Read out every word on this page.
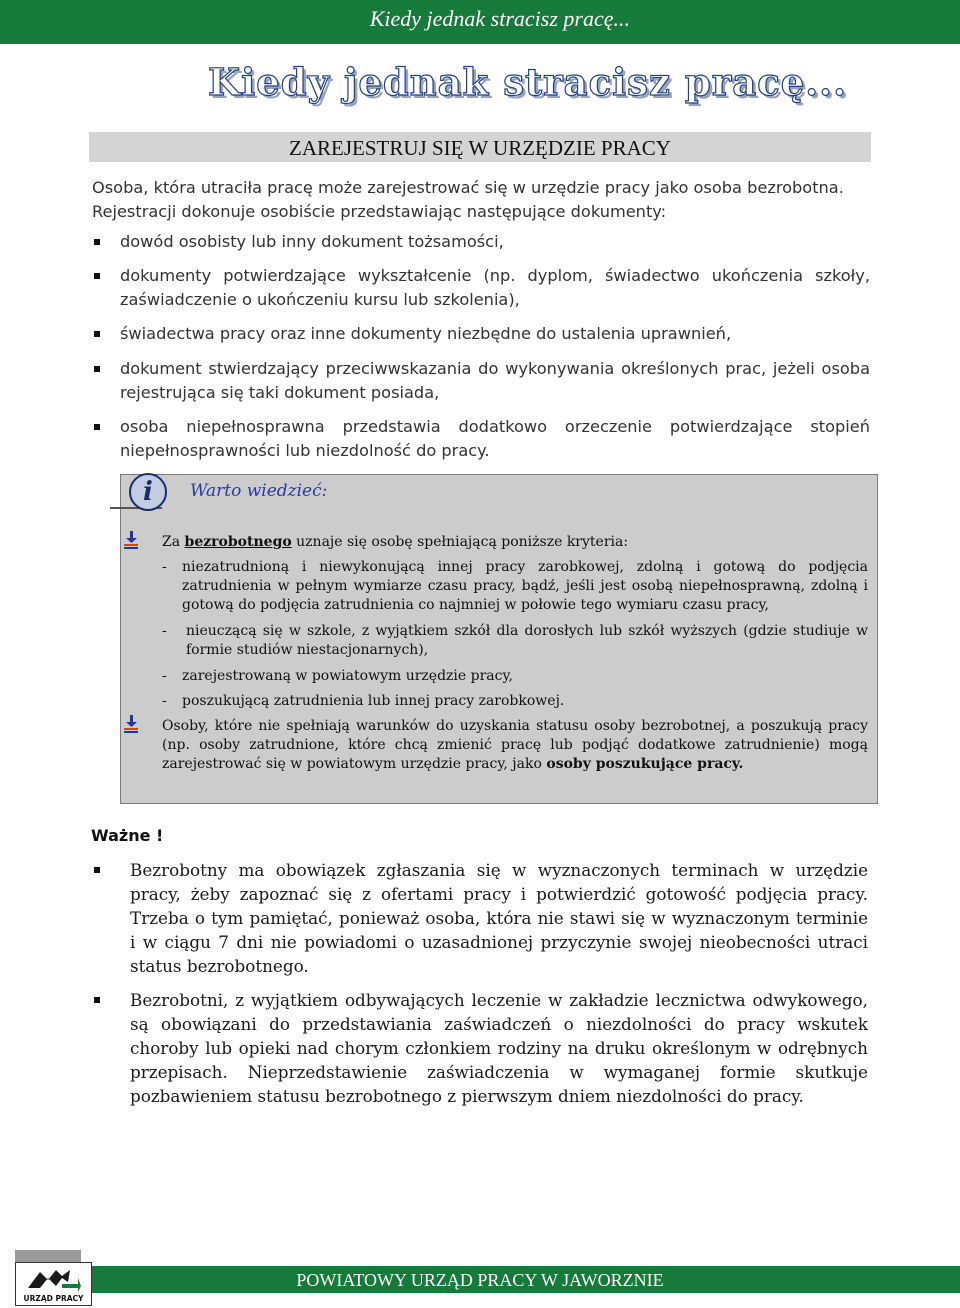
Kiedy jednak stracisz pracę...
Kiedy jednak stracisz pracę...
ZAREJESTRUJ SIĘ W URZĘDZIE PRACY
Osoba, która utraciła pracę może zarejestrować się w urzędzie pracy jako osoba bezrobotna. Rejestracji dokonuje osobiście przedstawiając następujące dokumenty:
dowód osobisty lub inny dokument tożsamości,
dokumenty potwierdzające wykształcenie (np. dyplom, świadectwo ukończenia szkoły, zaświadczenie o ukończeniu kursu lub szkolenia),
świadectwa pracy oraz inne dokumenty niezbędne do ustalenia uprawnień,
dokument stwierdzający przeciwwskazania do wykonywania określonych prac, jeżeli osoba rejestrująca się taki dokument posiada,
osoba niepełnosprawna przedstawia dodatkowo orzeczenie potwierdzające stopień niepełnosprawności lub niezdolność do pracy.
i	Warto wiedzieć:
Za bezrobotnego uznaje się osobę spełniającą poniższe kryteria:
- niezatrudnioną i niewykonującą innej pracy zarobkowej, zdolną i gotową do podjęcia zatrudnienia w pełnym wymiarze czasu pracy, bądź, jeśli jest osobą niepełnosprawną, zdolną i gotową do podjęcia zatrudnienia co najmniej w połowie tego wymiaru czasu pracy,
- nieuczącą się w szkole, z wyjątkiem szkół dla dorosłych lub szkół wyższych (gdzie studiuje w formie studiów niestacjonarnych),
- zarejestrowaną w powiatowym urzędzie pracy,
- poszukującą zatrudnienia lub innej pracy zarobkowej.
Osoby, które nie spełniają warunków do uzyskania statusu osoby bezrobotnej, a poszukują pracy (np. osoby zatrudnione, które chcą zmienić pracę lub podjąć dodatkowe zatrudnienie) mogą zarejestrować się w powiatowym urzędzie pracy, jako osoby poszukujące pracy.
Ważne !
Bezrobotny ma obowiązek zgłaszania się w wyznaczonych terminach w urzędzie pracy, żeby zapoznać się z ofertami pracy i potwierdzić gotowość podjęcia pracy. Trzeba o tym pamiętać, ponieważ osoba, która nie stawi się w wyznaczonym terminie i w ciągu 7 dni nie powiadomi o uzasadnionej przyczynie swojej nieobecności utraci status bezrobotnego.
Bezrobotni, z wyjątkiem odbywających leczenie w zakładzie lecznictwa odwykowego, są obowiązani do przedstawiania zaświadczeń o niezdolności do pracy wskutek choroby lub opieki nad chorym członkiem rodziny na druku określonym w odrębnych przepisach. Nieprzedstawienie zaświadczenia w wymaganej formie skutkuje pozbawieniem statusu bezrobotnego z pierwszym dniem niezdolności do pracy.
POWIATOWY URZĄD PRACY W JAWORZNIE
URZĄD PRACY
